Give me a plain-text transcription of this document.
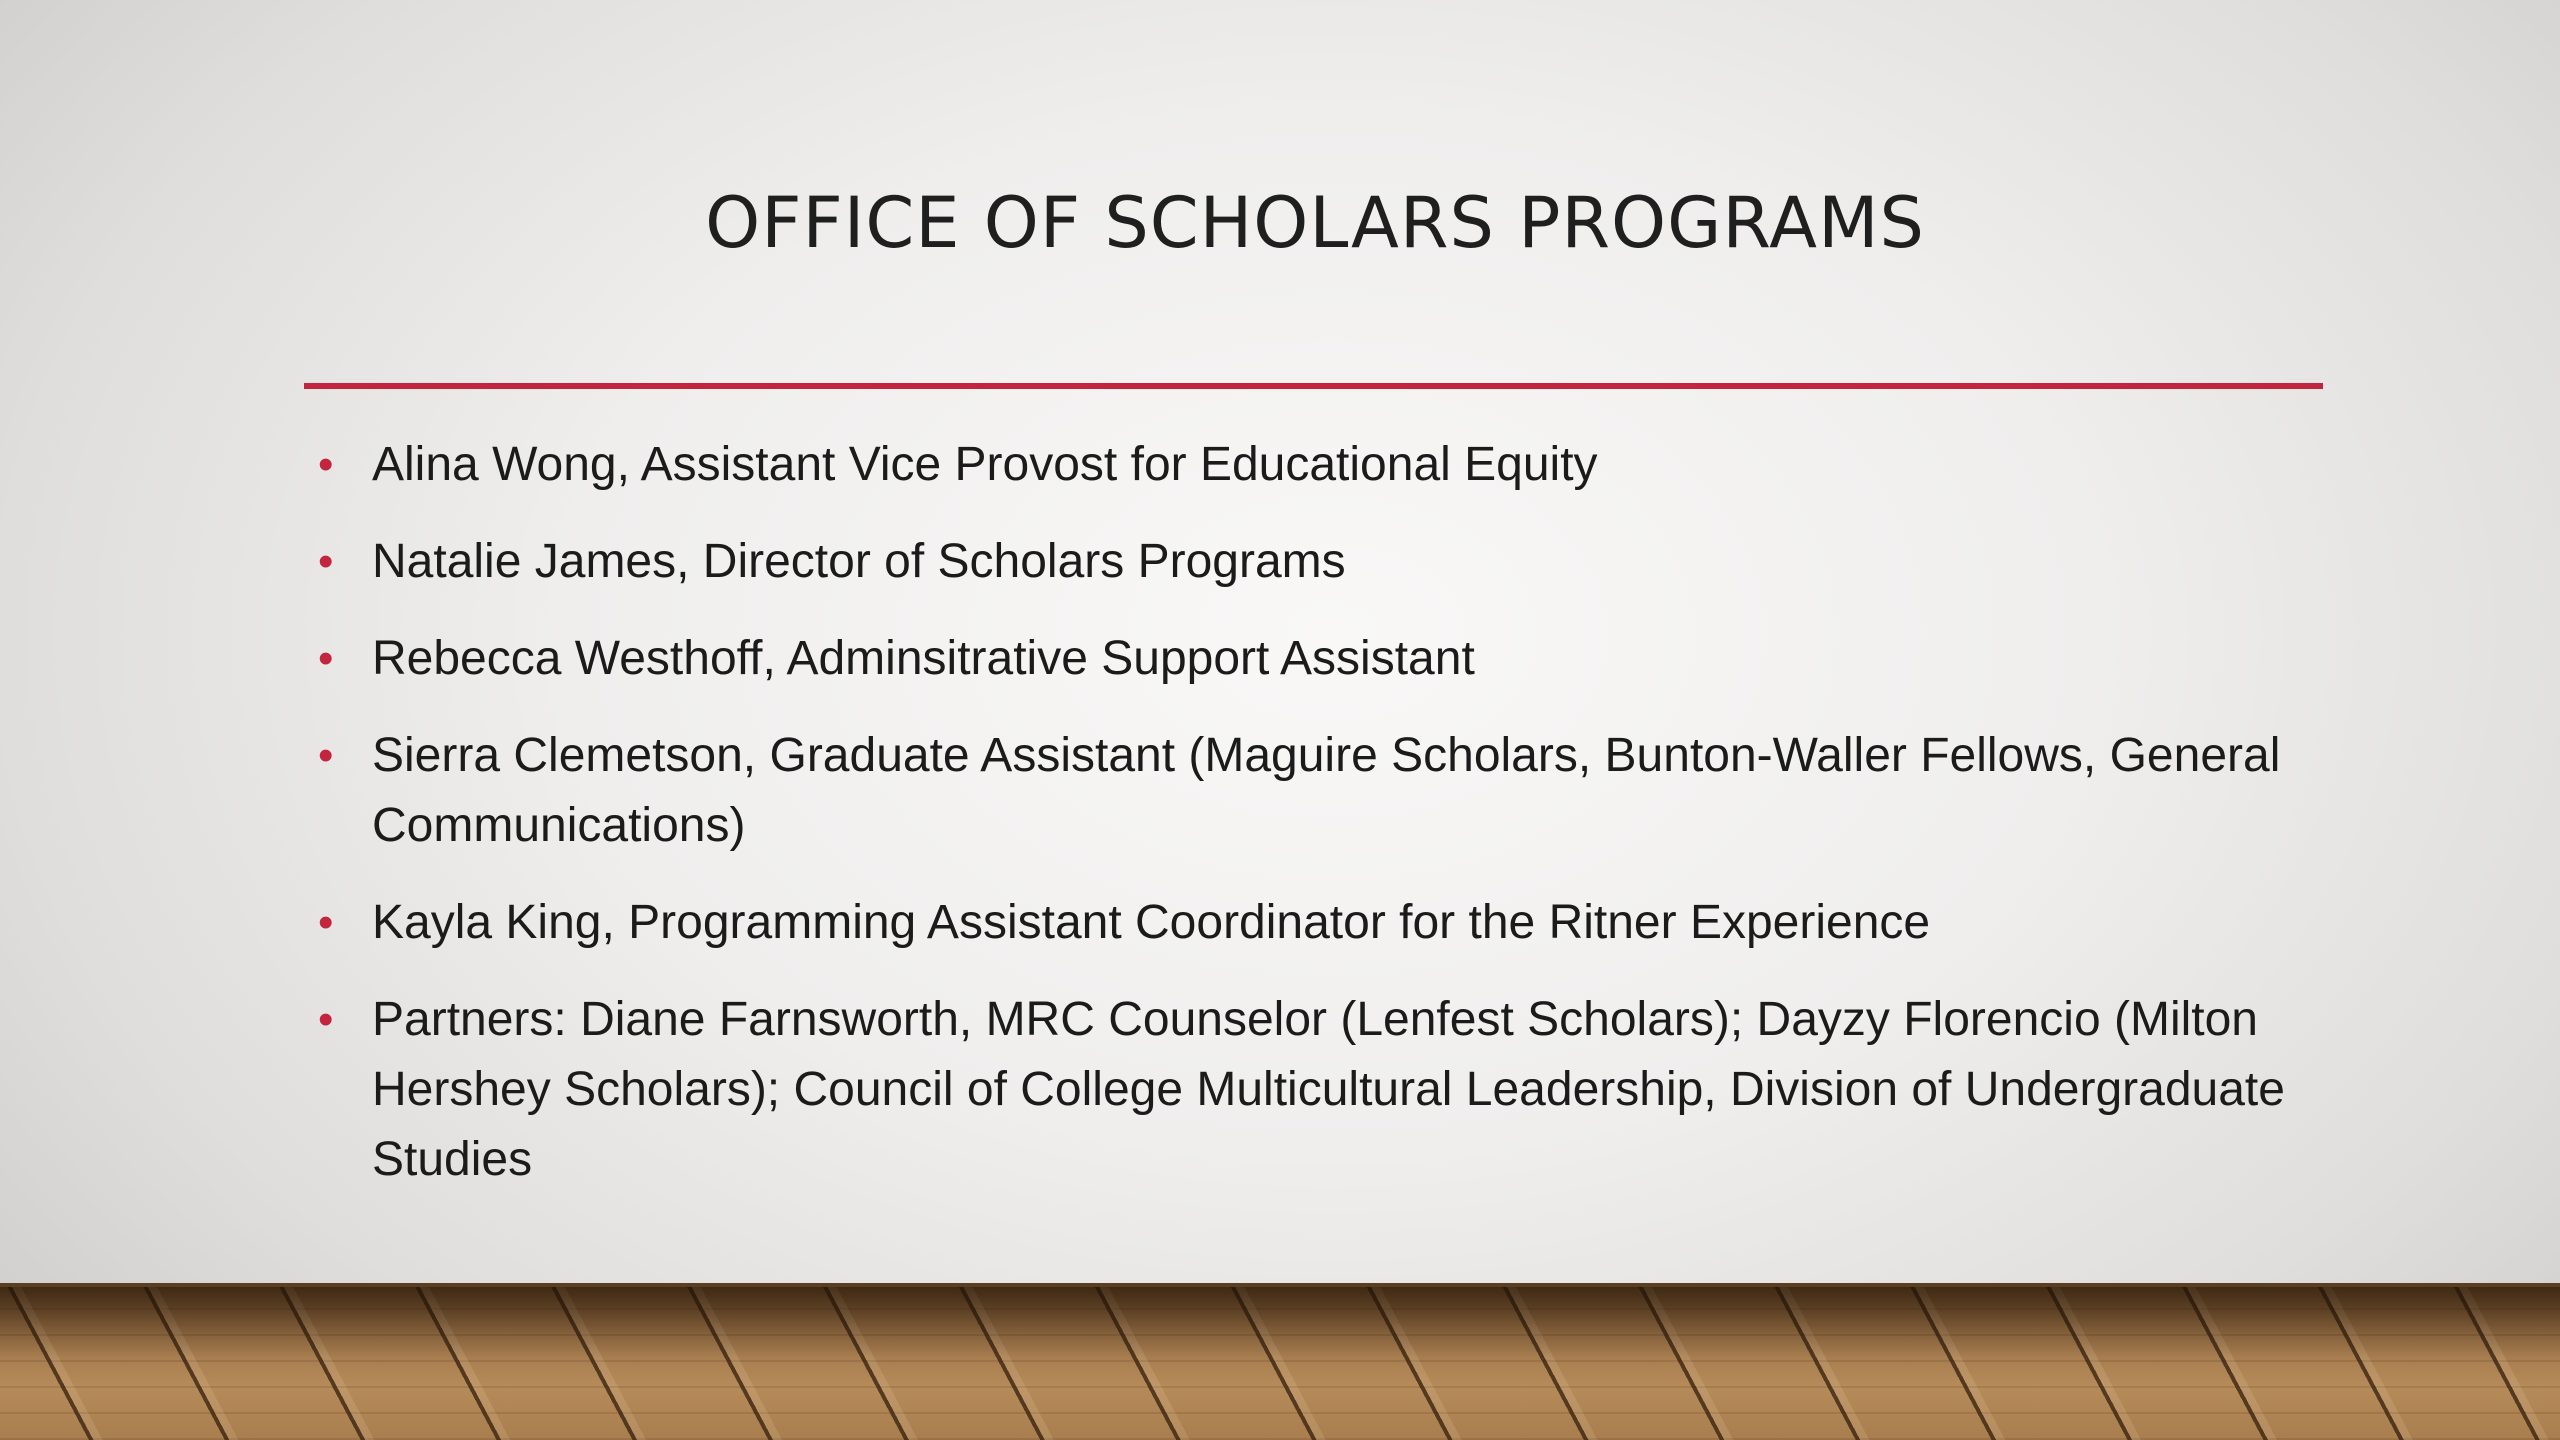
OFFICE OF SCHOLARS PROGRAMS
• Alina Wong, Assistant Vice Provost for Educational Equity
• Natalie James, Director of Scholars Programs
• Rebecca Westhoff, Adminsitrative Support Assistant
• Sierra Clemetson, Graduate Assistant (Maguire Scholars, Bunton-Waller Fellows, General Communications)
• Kayla King, Programming Assistant Coordinator for the Ritner Experience
• Partners: Diane Farnsworth, MRC Counselor (Lenfest Scholars); Dayzy Florencio (Milton Hershey Scholars); Council of College Multicultural Leadership, Division of Undergraduate Studies
